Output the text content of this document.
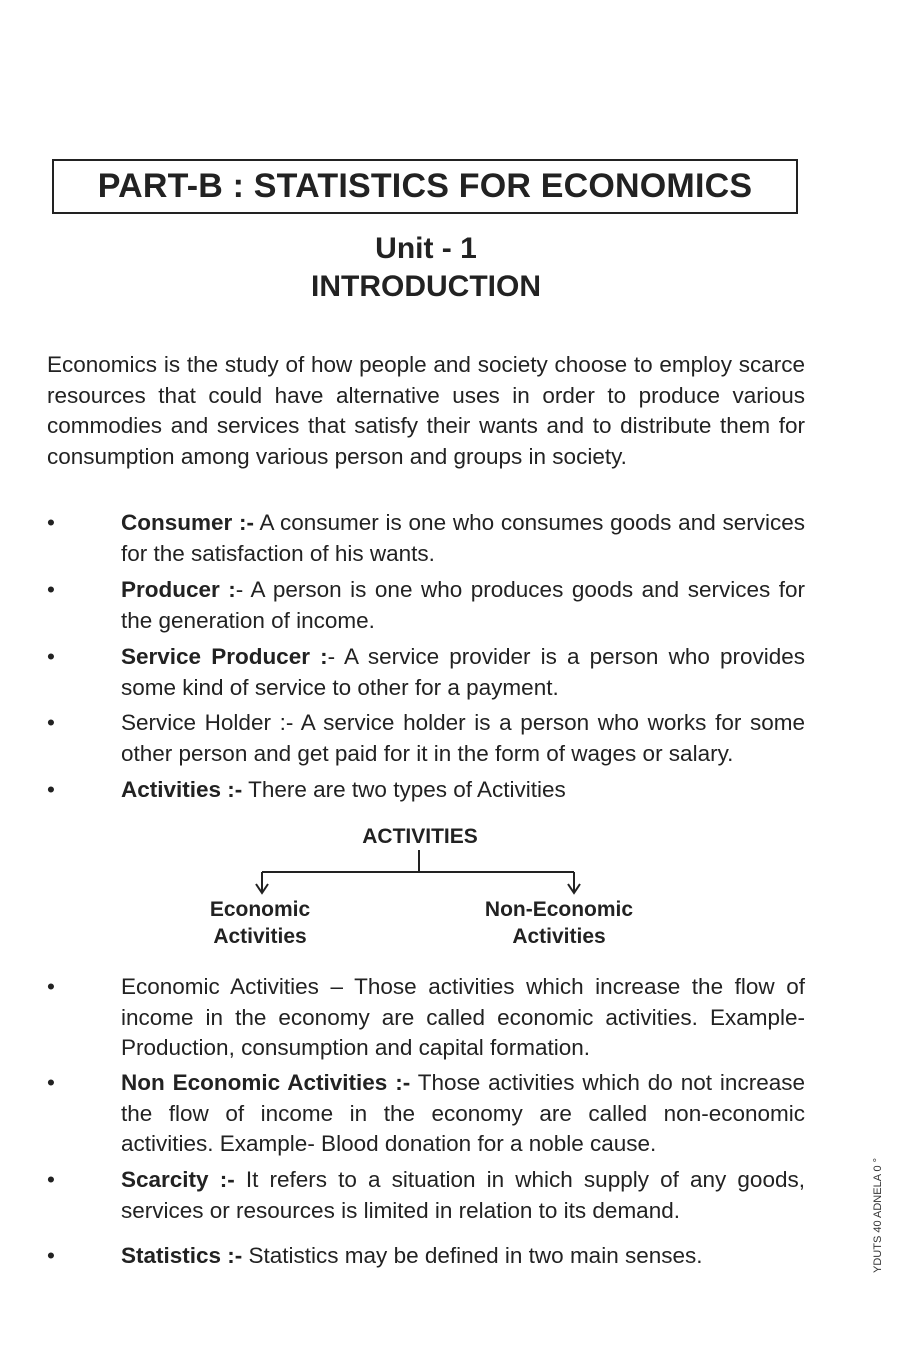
PART-B : STATISTICS FOR ECONOMICS
Unit - 1
INTRODUCTION

Economics is the study of how people and society choose to employ scarce resources that could have alternative uses in order to produce various commodies and services that satisfy their wants and to distribute them for consumption among various person and groups in society.

•	Consumer :- A consumer is one who consumes goods and services for the satisfaction of his wants.
•	Producer :- A person is one who produces goods and services for the generation of income.
•	Service Producer :- A service provider is a person who provides some kind of service to other for a payment.
•	Service Holder :- A service holder is a person who works for some other person and get paid for it in the form of wages or salary.
•	Activities :- There are two types of Activities
ACTIVITIES
Economic
Activities
Non-Economic
Activities
•	Economic Activities – Those activities which increase the flow of income in the economy are called economic activities. Example- Production, consumption and capital formation.
•	Non Economic Activities :- Those activities which do not increase the flow of income in the economy are called non-economic activities. Example- Blood donation for a noble cause.
•	Scarcity :- It refers to a situation in which supply of any goods, services or resources is limited in relation to its demand.
•	Statistics :- Statistics may be defined in two main senses.	YDUTS 40 ADNELA 0 °
